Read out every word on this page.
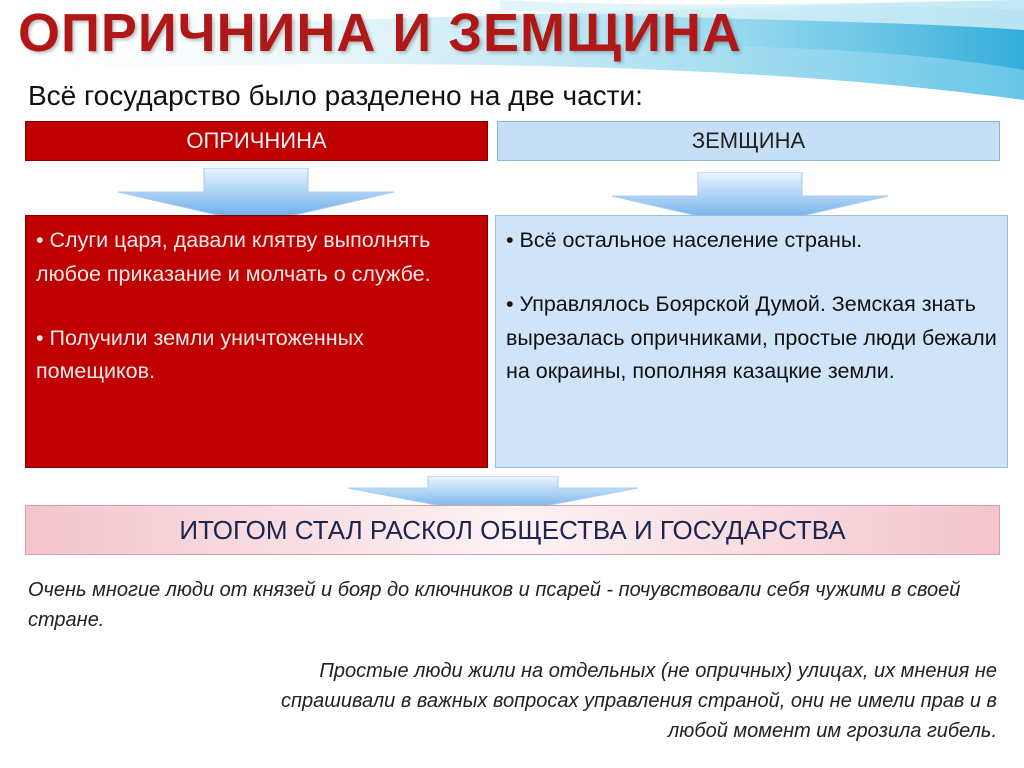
ОПРИЧНИНА И ЗЕМЩИНА
Всё государство было разделено на две части:
ОПРИЧНИНА	ЗЕМЩИНА

• Слуги царя, давали клятву выполнять любое приказание и молчать о службе.

• Получили земли уничтоженных помещиков.

• Всё остальное население страны.

• Управлялось Боярской Думой. Земская знать вырезалась опричниками, простые люди бежали на окраины, пополняя казацкие земли.

ИТОГОМ СТАЛ РАСКОЛ ОБЩЕСТВА И ГОСУДАРСТВА
Очень многие люди от князей и бояр до ключников и псарей - почувствовали себя чужими в своей стране.
Простые люди жили на отдельных (не опричных) улицах, их мнения не спрашивали в важных вопросах управления страной, они не имели прав и в любой момент им грозила гибель.
